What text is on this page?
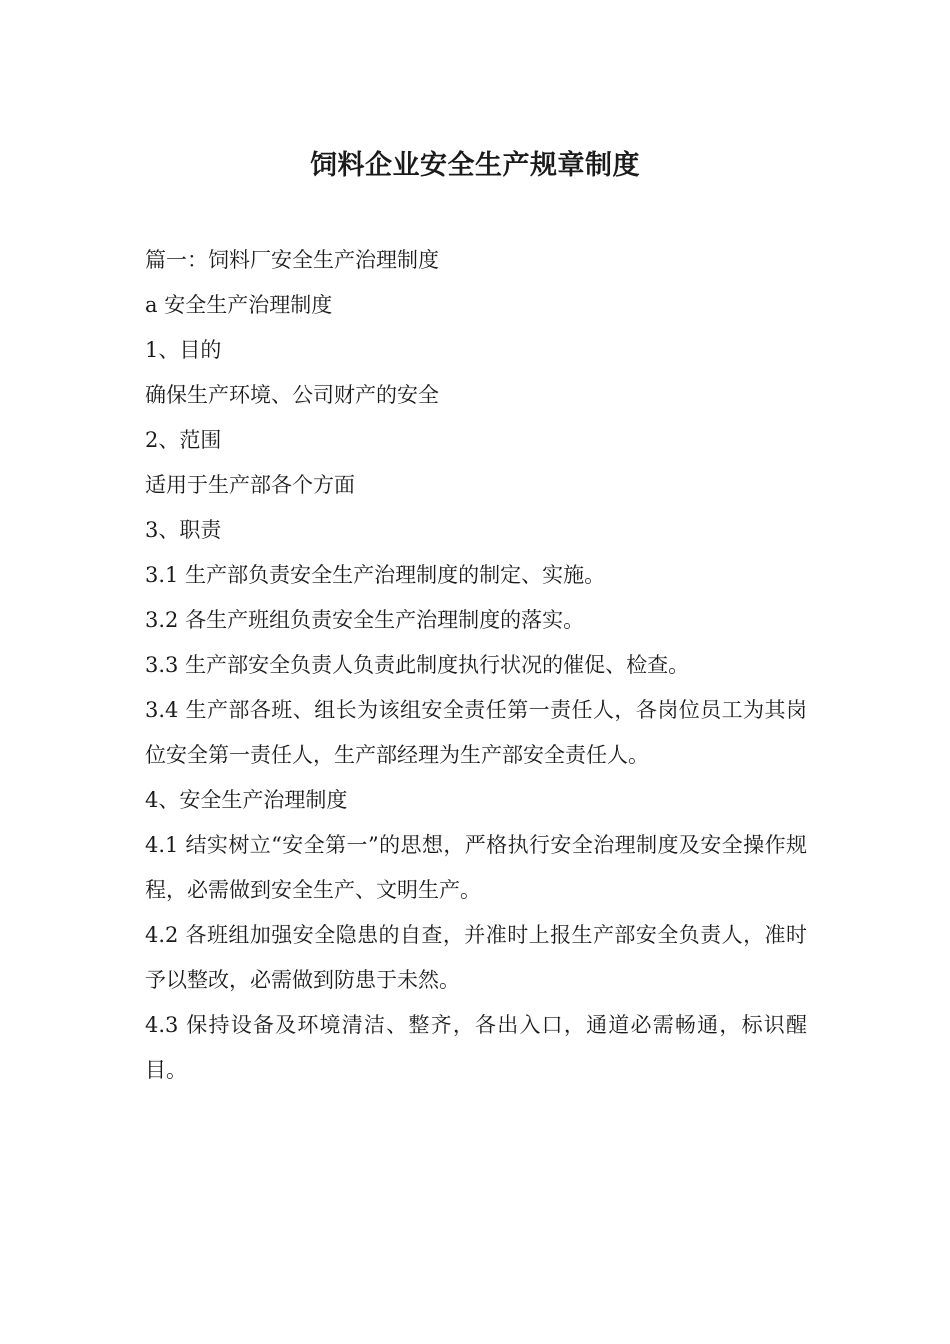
饲料企业安全生产规章制度

篇一：饲料厂安全生产治理制度

a 安全生产治理制度

1、目的

确保生产环境、公司财产的安全

2、范围

适用于生产部各个方面

3、职责

3.1 生产部负责安全生产治理制度的制定、实施。

3.2 各生产班组负责安全生产治理制度的落实。

3.3 生产部安全负责人负责此制度执行状况的催促、检查。

3.4 生产部各班、组长为该组安全责任第一责任人，各岗位员工为其岗位安全第一责任人，生产部经理为生产部安全责任人。

4、安全生产治理制度

4.1 结实树立“安全第一”的思想，严格执行安全治理制度及安全操作规程，必需做到安全生产、文明生产。

4.2 各班组加强安全隐患的自查，并准时上报生产部安全负责人，准时予以整改，必需做到防患于未然。

4.3 保持设备及环境清洁、整齐，各出入口，通道必需畅通，标识醒目。
